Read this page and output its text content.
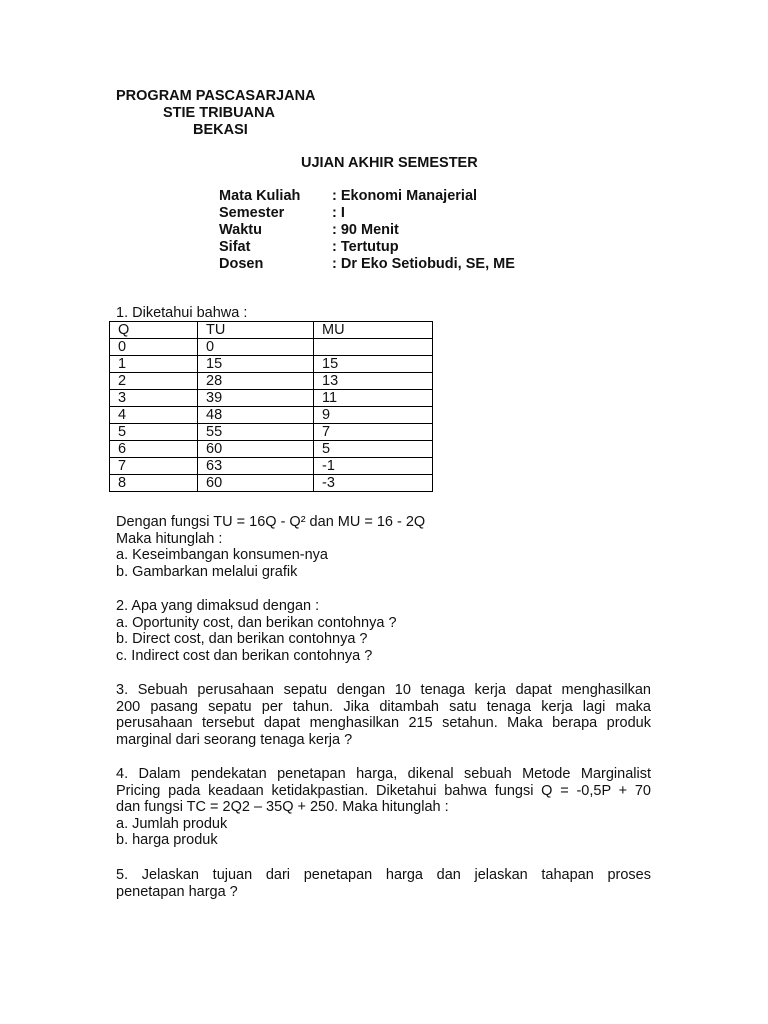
PROGRAM PASCASARJANA
STIE TRIBUANA
BEKASI
UJIAN AKHIR SEMESTER
Mata Kuliah	: Ekonomi Manajerial
Semester	: I
Waktu	: 90 Menit
Sifat	: Tertutup
Dosen	: Dr Eko Setiobudi, SE, ME
1. Diketahui bahwa :
Q	TU	MU
0	0	
1	15	15
2	28	13
3	39	11
4	48	9
5	55	7
6	60	5
7	63	-1
8	60	-3
Dengan fungsi TU = 16Q - Q² dan MU = 16 - 2Q
Maka hitunglah :
a. Keseimbangan konsumen-nya
b. Gambarkan melalui grafik
2. Apa yang dimaksud dengan :
a. Oportunity cost, dan berikan contohnya ?
b. Direct cost, dan berikan contohnya ?
c. Indirect cost dan berikan contohnya ?
3. Sebuah perusahaan sepatu dengan 10 tenaga kerja dapat menghasilkan
200 pasang sepatu per tahun. Jika ditambah satu tenaga kerja lagi maka
perusahaan tersebut dapat menghasilkan 215 setahun. Maka berapa produk
marginal dari seorang tenaga kerja ?
4. Dalam pendekatan penetapan harga, dikenal sebuah Metode Marginalist
Pricing pada keadaan ketidakpastian. Diketahui bahwa fungsi Q = -0,5P + 70
dan fungsi TC = 2Q2 – 35Q + 250. Maka hitunglah :
a. Jumlah produk
b. harga produk
5. Jelaskan tujuan dari penetapan harga dan jelaskan tahapan proses
penetapan harga ?
